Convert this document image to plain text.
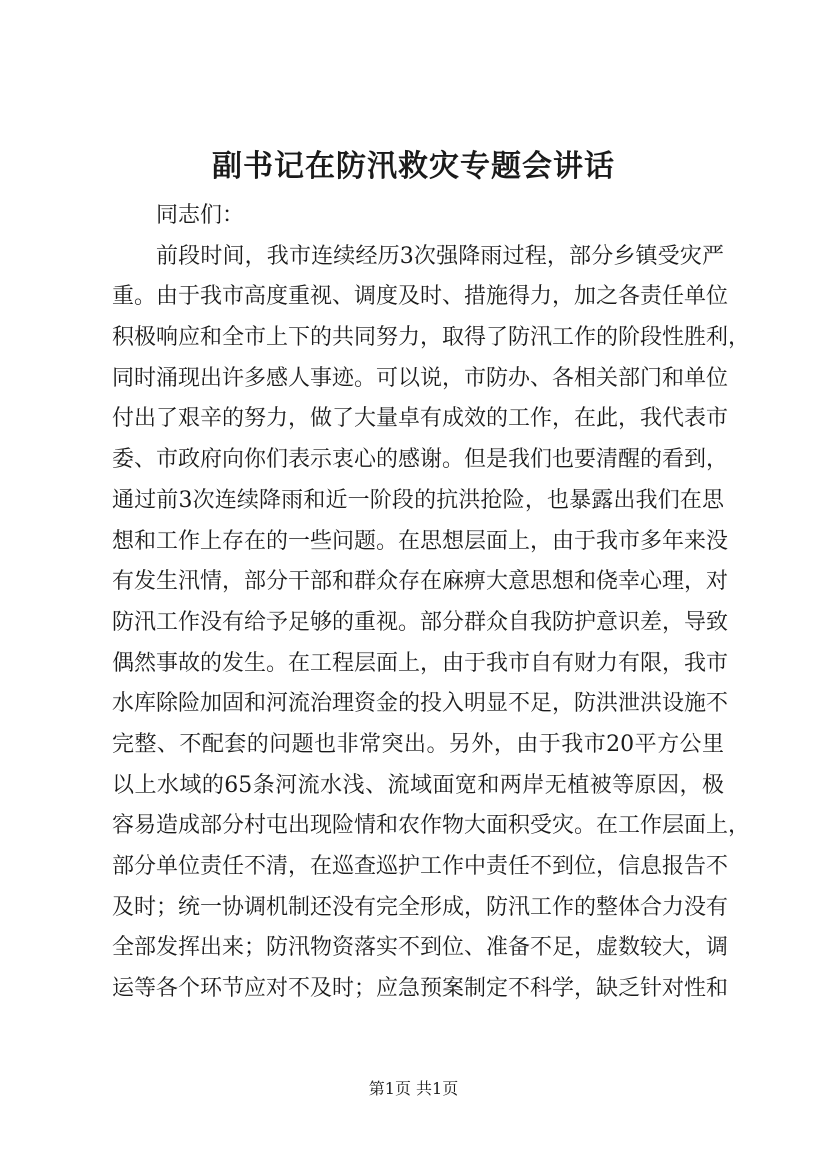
副书记在防汛救灾专题会讲话
同志们：
前段时间，我市连续经历3次强降雨过程，部分乡镇受灾严
重。由于我市高度重视、调度及时、措施得力，加之各责任单位
积极响应和全市上下的共同努力，取得了防汛工作的阶段性胜利，
同时涌现出许多感人事迹。可以说，市防办、各相关部门和单位
付出了艰辛的努力，做了大量卓有成效的工作，在此，我代表市
委、市政府向你们表示衷心的感谢。但是我们也要清醒的看到，
通过前3次连续降雨和近一阶段的抗洪抢险，也暴露出我们在思
想和工作上存在的一些问题。在思想层面上，由于我市多年来没
有发生汛情，部分干部和群众存在麻痹大意思想和侥幸心理，对
防汛工作没有给予足够的重视。部分群众自我防护意识差，导致
偶然事故的发生。在工程层面上，由于我市自有财力有限，我市
水库除险加固和河流治理资金的投入明显不足，防洪泄洪设施不
完整、不配套的问题也非常突出。另外，由于我市20平方公里
以上水域的65条河流水浅、流域面宽和两岸无植被等原因，极
容易造成部分村屯出现险情和农作物大面积受灾。在工作层面上，
部分单位责任不清，在巡查巡护工作中责任不到位，信息报告不
及时；统一协调机制还没有完全形成，防汛工作的整体合力没有
全部发挥出来；防汛物资落实不到位、准备不足，虚数较大，调
运等各个环节应对不及时；应急预案制定不科学，缺乏针对性和
第1页 共1页
